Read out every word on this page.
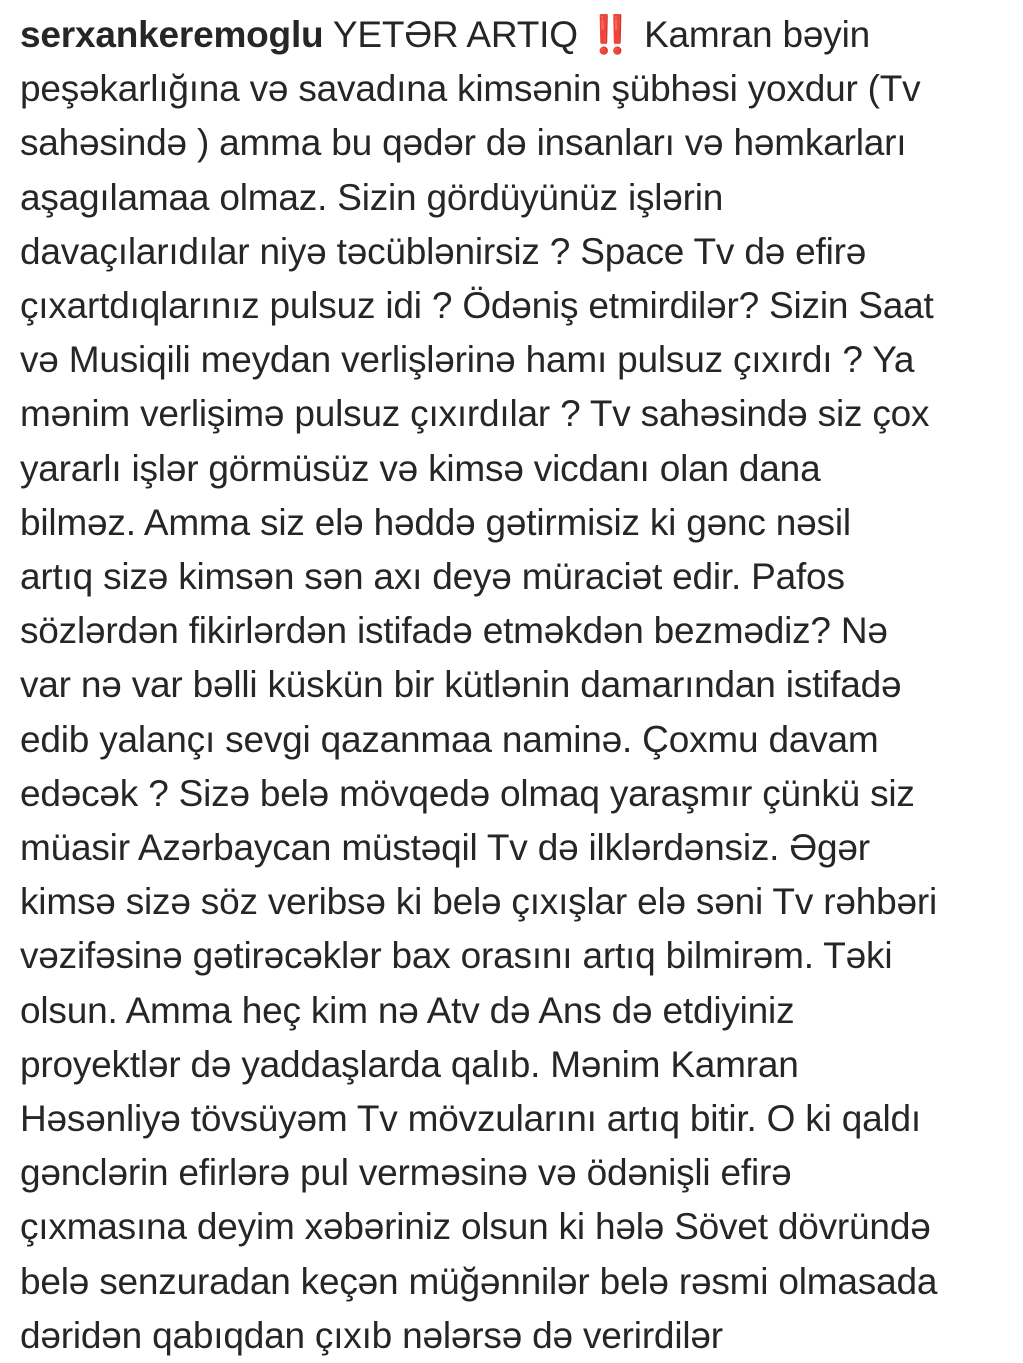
serxankeremoglu YETƏR ARTIQ ‼️ Kamran bəyin
peşəkarlığına və savadına kimsənin şübhəsi yoxdur (Tv
sahəsində ) amma bu qədər də insanları və həmkarları
aşagılamaa olmaz. Sizin gördüyünüz işlərin
davaçılarıdılar niyə təcüblənirsiz ? Space Tv də efirə
çıxartdıqlarınız pulsuz idi ? Ödəniş etmirdilər? Sizin Saat
və Musiqili meydan verlişlərinə hamı pulsuz çıxırdı ? Ya
mənim verlişimə pulsuz çıxırdılar ? Tv sahəsində siz çox
yararlı işlər görmüsüz və kimsə vicdanı olan dana
bilməz. Amma siz elə həddə gətirmisiz ki gənc nəsil
artıq sizə kimsən sən axı deyə müraciət edir. Pafos
sözlərdən fikirlərdən istifadə etməkdən bezmədiz? Nə
var nə var bəlli küskün bir kütlənin damarından istifadə
edib yalançı sevgi qazanmaa naminə. Çoxmu davam
edəcək ? Sizə belə mövqedə olmaq yaraşmır çünkü siz
müasir Azərbaycan müstəqil Tv də ilklərdənsiz. Əgər
kimsə sizə söz veribsə ki belə çıxışlar elə səni Tv rəhbəri
vəzifəsinə gətirəcəklər bax orasını artıq bilmirəm. Təki
olsun. Amma heç kim nə Atv də Ans də etdiyiniz
proyektlər də yaddaşlarda qalıb. Mənim Kamran
Həsənliyə tövsüyəm Tv mövzularını artıq bitir. O ki qaldı
gənclərin efirlərə pul verməsinə və ödənişli efirə
çıxmasına deyim xəbəriniz olsun ki hələ Sövet dövründə
belə senzuradan keçən müğənnilər belə rəsmi olmasada
dəridən qabıqdan çıxıb nələrsə də verirdilər
